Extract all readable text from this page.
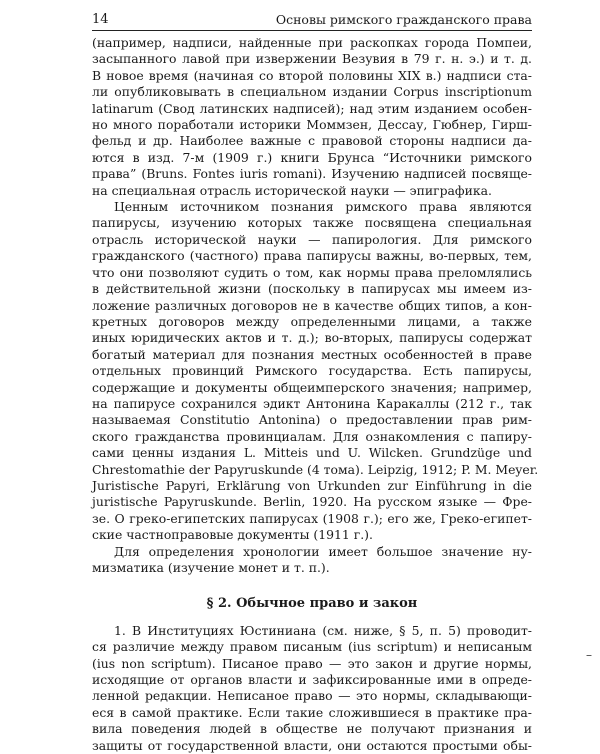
14	Основы римского гражданского права

(например, надписи, найденные при раскопках города Помпеи,
засыпанного лавой при извержении Везувия в 79 г. н. э.) и т. д.
В новое время (начиная со второй половины XIX в.) надписи ста-
ли опубликовывать в специальном издании Corpus inscriptionum
latinarum (Свод латинских надписей); над этим изданием особен-
но много поработали историки Моммзен, Дессау, Гюбнер, Гирш-
фельд и др. Наиболее важные с правовой стороны надписи да-
ются в изд. 7-м (1909 г.) книги Брунса “Источники римского
права” (Bruns. Fontes iuris romani). Изучению надписей посвяще-
на специальная отрасль исторической науки — эпиграфика.

Ценным источником познания римского права являются
папирусы, изучению которых также посвящена специальная
отрасль исторической науки — папирология. Для римского
гражданского (частного) права папирусы важны, во-первых, тем,
что они позволяют судить о том, как нормы права преломлялись
в действительной жизни (поскольку в папирусах мы имеем из-
ложение различных договоров не в качестве общих типов, а кон-
кретных договоров между определенными лицами, а также
иных юридических актов и т. д.); во-вторых, папирусы содержат
богатый материал для познания местных особенностей в праве
отдельных провинций Римского государства. Есть папирусы,
содержащие и документы общеимперского значения; например,
на папирусе сохранился эдикт Антонина Каракаллы (212 г., так
называемая Constitutio Antonina) о предоставлении прав рим-
ского гражданства провинциалам. Для ознакомления с папиру-
сами ценны издания L. Mitteis und U. Wilcken. Grundzüge und
Chrestomathie der Papyruskunde (4 тома). Leipzig, 1912; P. M. Meyer.
Juristische Papyri, Erklärung von Urkunden zur Einführung in die
juristische Papyruskunde. Berlin, 1920. На русском языке — Фре-
зе. О греко-египетских папирусах (1908 г.); его же, Греко-египет-
ские частноправовые документы (1911 г.).

Для определения хронологии имеет большое значение ну-
мизматика (изучение монет и т. п.).

§ 2. Обычное право и закон

1. В Институциях Юстиниана (см. ниже, § 5, п. 5) проводит-
ся различие между правом писаным (ius scriptum) и неписаным
(ius non scriptum). Писаное право — это закон и другие нормы,
исходящие от органов власти и зафиксированные ими в опреде-
ленной редакции. Неписаное право — это нормы, складывающи-
еся в самой практике. Если такие сложившиеся в практике пра-
вила поведения людей в обществе не получают признания и
защиты от государственной власти, они остаются простыми обы-

–
